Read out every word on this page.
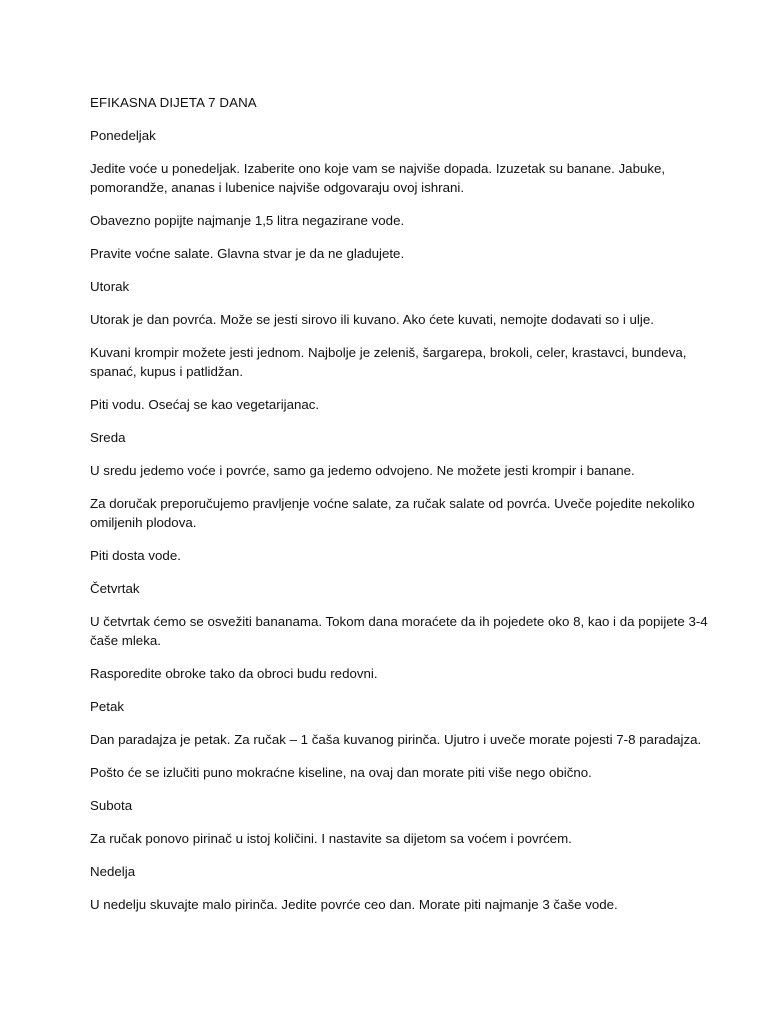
EFIKASNA DIJETA 7 DANA

Ponedeljak

Jedite voće u ponedeljak. Izaberite ono koje vam se najviše dopada. Izuzetak su banane. Jabuke, pomorandže, ananas i lubenice najviše odgovaraju ovoj ishrani.

Obavezno popijte najmanje 1,5 litra negazirane vode.

Pravite voćne salate. Glavna stvar je da ne gladujete.

Utorak

Utorak je dan povrća. Može se jesti sirovo ili kuvano. Ako ćete kuvati, nemojte dodavati so i ulje.

Kuvani krompir možete jesti jednom. Najbolje je zeleniš, šargarepa, brokoli, celer, krastavci, bundeva, spanać, kupus i patlidžan.

Piti vodu. Osećaj se kao vegetarijanac.

Sreda

U sredu jedemo voće i povrće, samo ga jedemo odvojeno. Ne možete jesti krompir i banane.

Za doručak preporučujemo pravljenje voćne salate, za ručak salate od povrća. Uveče pojedite nekoliko omiljenih plodova.

Piti dosta vode.

Četvrtak

U četvrtak ćemo se osvežiti bananama. Tokom dana moraćete da ih pojedete oko 8, kao i da popijete 3-4 čaše mleka.

Rasporedite obroke tako da obroci budu redovni.

Petak

Dan paradajza je petak. Za ručak – 1 čaša kuvanog pirinča. Ujutro i uveče morate pojesti 7-8 paradajza.

Pošto će se izlučiti puno mokraćne kiseline, na ovaj dan morate piti više nego obično.

Subota

Za ručak ponovo pirinač u istoj količini. I nastavite sa dijetom sa voćem i povrćem.

Nedelja

U nedelju skuvajte malo pirinča. Jedite povrće ceo dan. Morate piti najmanje 3 čaše vode.
